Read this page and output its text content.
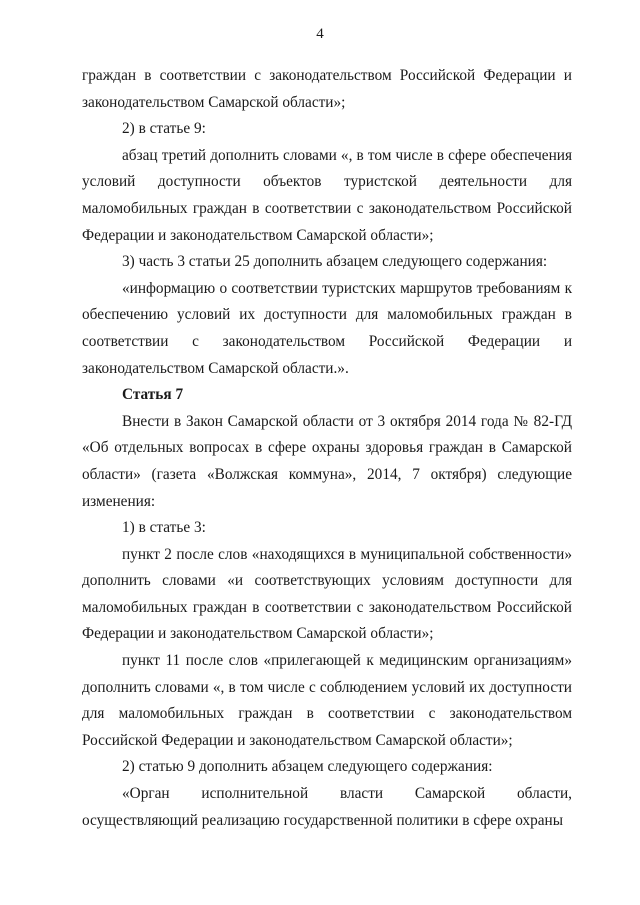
4

граждан в соответствии с законодательством Российской Федерации и законодательством Самарской области»;

2) в статье 9:

абзац третий дополнить словами «, в том числе в сфере обеспечения условий доступности объектов туристской деятельности для маломобильных граждан в соответствии с законодательством Российской Федерации и законодательством Самарской области»;

3) часть 3 статьи 25 дополнить абзацем следующего содержания:

«информацию о соответствии туристских маршрутов требованиям к обеспечению условий их доступности для маломобильных граждан в соответствии с законодательством Российской Федерации и законодательством Самарской области.».

Статья 7

Внести в Закон Самарской области от 3 октября 2014 года № 82-ГД «Об отдельных вопросах в сфере охраны здоровья граждан в Самарской области» (газета «Волжская коммуна», 2014, 7 октября) следующие изменения:

1) в статье 3:

пункт 2 после слов «находящихся в муниципальной собственности» дополнить словами «и соответствующих условиям доступности для маломобильных граждан в соответствии с законодательством Российской Федерации и законодательством Самарской области»;

пункт 11 после слов «прилегающей к медицинским организациям» дополнить словами «, в том числе с соблюдением условий их доступности для маломобильных граждан в соответствии с законодательством Российской Федерации и законодательством Самарской области»;

2) статью 9 дополнить абзацем следующего содержания:

«Орган исполнительной власти Самарской области, осуществляющий реализацию государственной политики в сфере охраны
